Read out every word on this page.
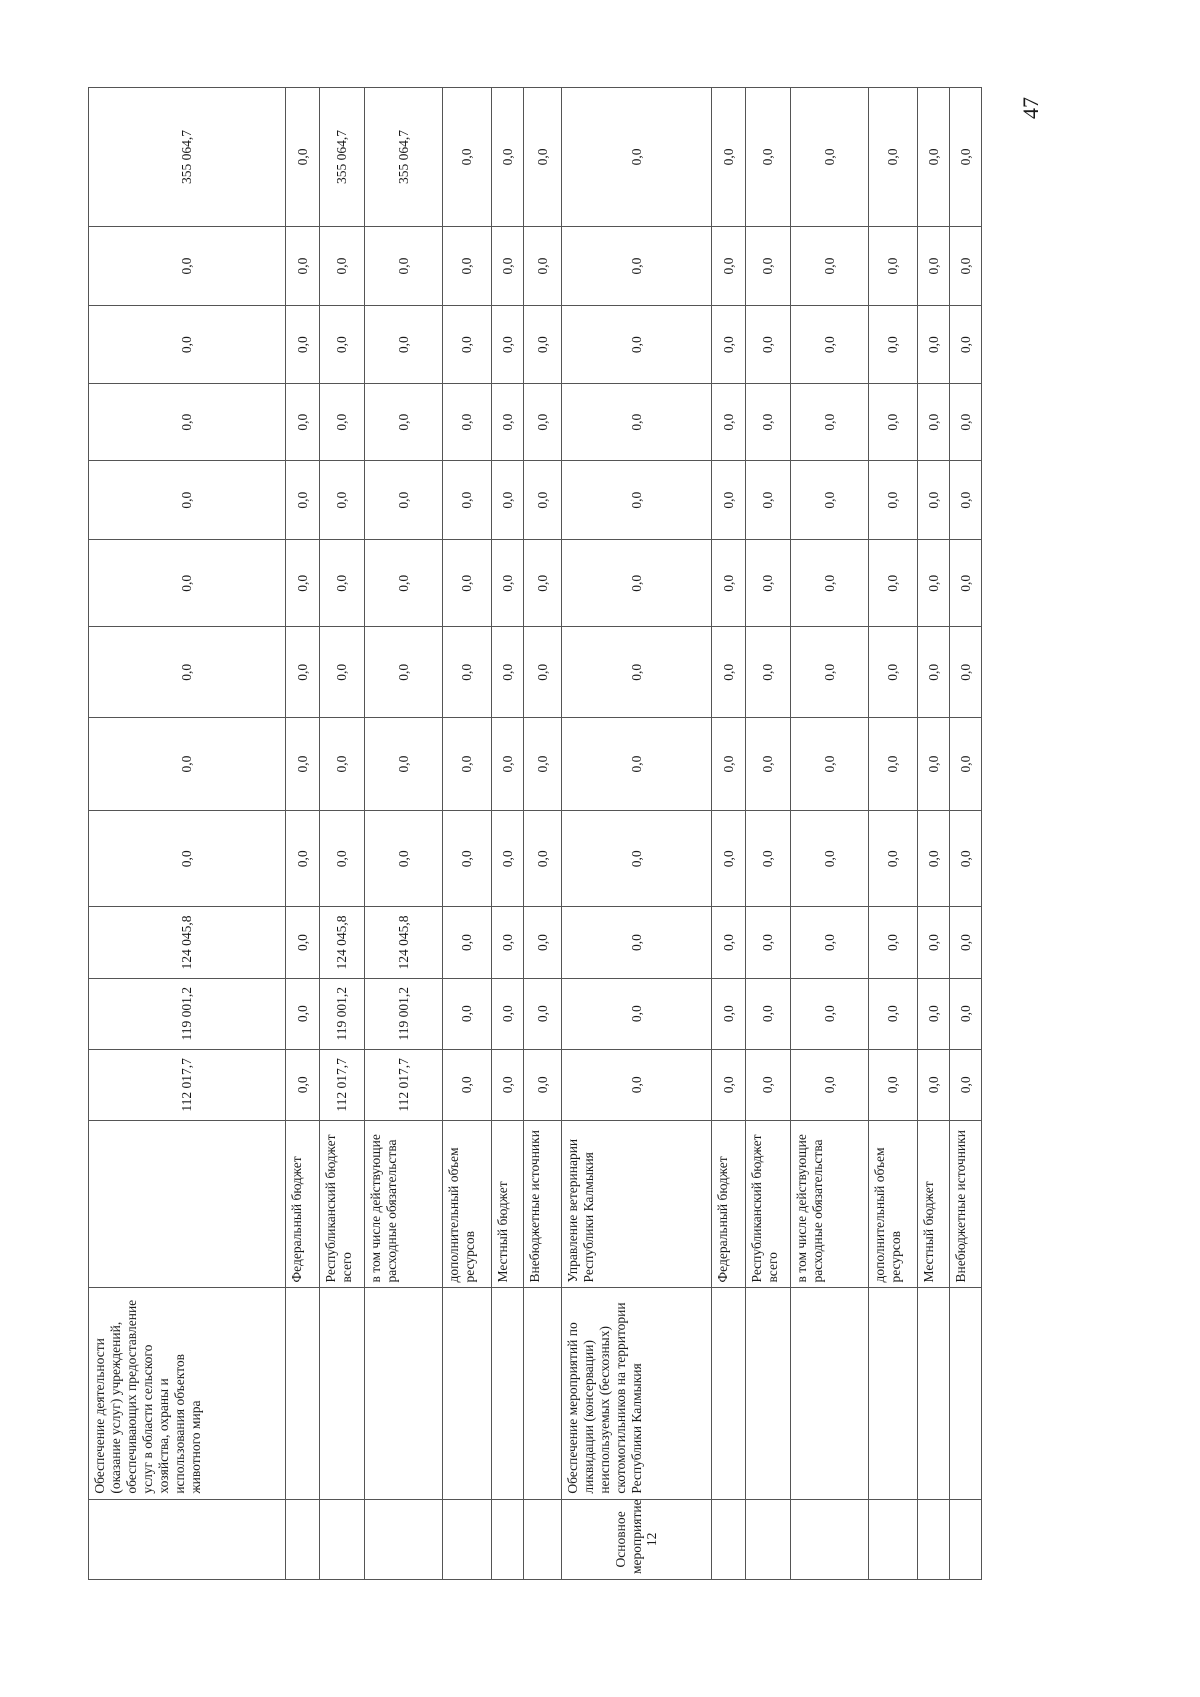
	Обеспечение деятельности (оказание услуг) учреждений, обеспечивающих предоставление услуг в области сельского хозяйства, охраны и использования объектов животного мира		112 017,7	119 001,2	124 045,8	0,0	0,0	0,0	0,0	0,0	0,0	0,0	0,0	355 064,7
		Федеральный бюджет	0,0	0,0	0,0	0,0	0,0	0,0	0,0	0,0	0,0	0,0	0,0	0,0
		Республиканский бюджет всего	112 017,7	119 001,2	124 045,8	0,0	0,0	0,0	0,0	0,0	0,0	0,0	0,0	355 064,7
		в том числе действующие расходные обязательства	112 017,7	119 001,2	124 045,8	0,0	0,0	0,0	0,0	0,0	0,0	0,0	0,0	355 064,7
		дополнительный объем ресурсов	0,0	0,0	0,0	0,0	0,0	0,0	0,0	0,0	0,0	0,0	0,0	0,0
		Местный бюджет	0,0	0,0	0,0	0,0	0,0	0,0	0,0	0,0	0,0	0,0	0,0	0,0
		Внебюджетные источники	0,0	0,0	0,0	0,0	0,0	0,0	0,0	0,0	0,0	0,0	0,0	0,0
Основное мероприятие 12	Обеспечение мероприятий по ликвидации (консервации) неиспользуемых (бесхозных) скотомогильников на территории Республики Калмыкия	Управление ветеринарии Республики Калмыкия	0,0	0,0	0,0	0,0	0,0	0,0	0,0	0,0	0,0	0,0	0,0	0,0
		Федеральный бюджет	0,0	0,0	0,0	0,0	0,0	0,0	0,0	0,0	0,0	0,0	0,0	0,0
		Республиканский бюджет всего	0,0	0,0	0,0	0,0	0,0	0,0	0,0	0,0	0,0	0,0	0,0	0,0
		в том числе действующие расходные обязательства	0,0	0,0	0,0	0,0	0,0	0,0	0,0	0,0	0,0	0,0	0,0	0,0
		дополнительный объем ресурсов	0,0	0,0	0,0	0,0	0,0	0,0	0,0	0,0	0,0	0,0	0,0	0,0
		Местный бюджет	0,0	0,0	0,0	0,0	0,0	0,0	0,0	0,0	0,0	0,0	0,0	0,0
		Внебюджетные источники	0,0	0,0	0,0	0,0	0,0	0,0	0,0	0,0	0,0	0,0	0,0	0,0
47
